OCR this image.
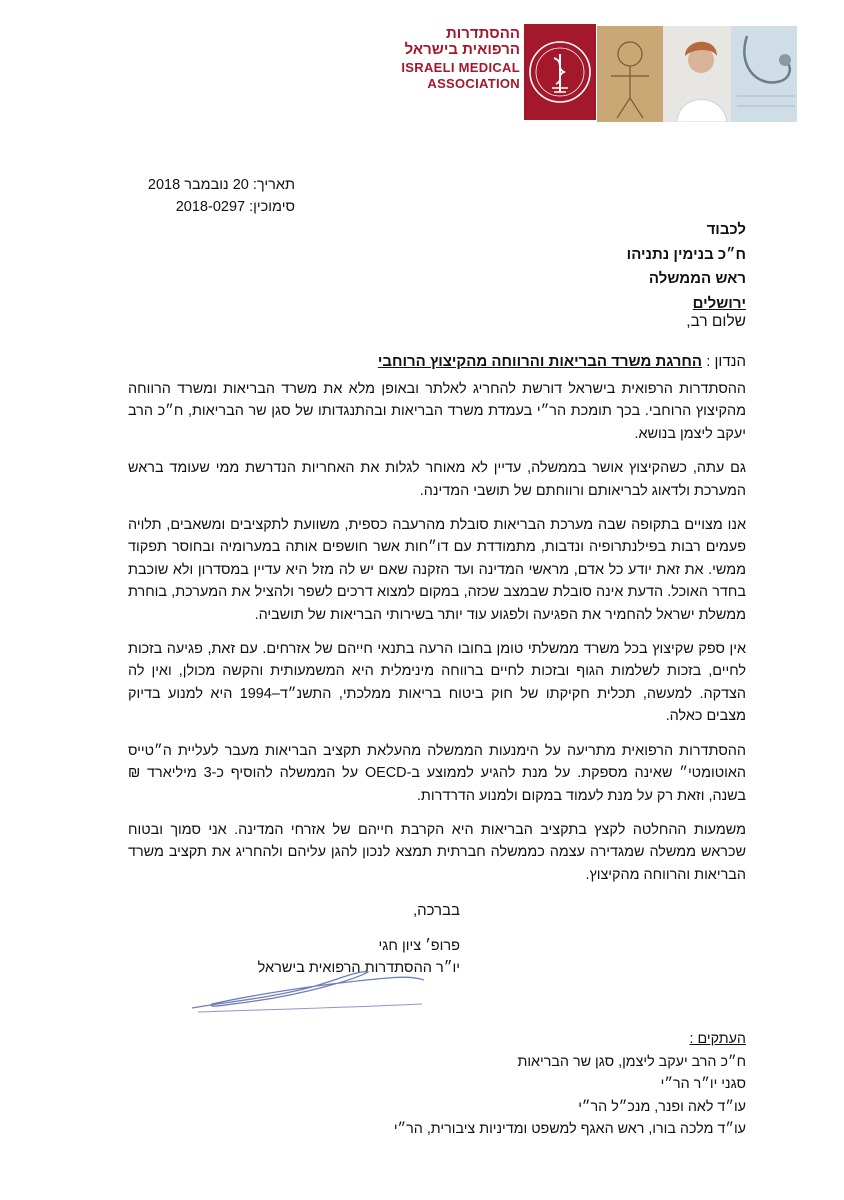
ההסתדרות הרפואית בישראל
ISRAELI MEDICAL
ASSOCIATION
תאריך: 20 נובמבר 2018
סימוכין: 2018-0297
לכבוד
ח״כ בנימין נתניהו
ראש הממשלה
ירושלים
שלום רב,
הנדון : החרגת משרד הבריאות והרווחה מהקיצוץ הרוחבי

ההסתדרות הרפואית בישראל דורשת להחריג לאלתר ובאופן מלא את משרד הבריאות ומשרד הרווחה מהקיצוץ הרוחבי. בכך תומכת הר״י בעמדת משרד הבריאות ובהתנגדותו של סגן שר הבריאות, ח״כ הרב יעקב ליצמן בנושא.

גם עתה, כשהקיצוץ אושר בממשלה, עדיין לא מאוחר לגלות את האחריות הנדרשת ממי שעומד בראש המערכת ולדאוג לבריאותם ורווחתם של תושבי המדינה.

אנו מצויים בתקופה שבה מערכת הבריאות סובלת מהרעבה כספית, משוועת לתקציבים ומשאבים, תלויה פעמים רבות בפילנתרופיה ונדבות, מתמודדת עם דו״חות אשר חושפים אותה במערומיה ובחוסר תפקוד ממשי. את זאת יודע כל אדם, מראשי המדינה ועד הזקנה שאם יש לה מזל היא עדיין במסדרון ולא שוכבת בחדר האוכל. הדעת אינה סובלת שבמצב שכזה, במקום למצוא דרכים לשפר ולהציל את המערכת, בוחרת ממשלת ישראל להחמיר את הפגיעה ולפגוע עוד יותר בשירותי הבריאות של תושביה.

אין ספק שקיצוץ בכל משרד ממשלתי טומן בחובו הרעה בתנאי חייהם של אזרחים. עם זאת, פגיעה בזכות לחיים, בזכות לשלמות הגוף ובזכות לחיים ברווחה מינימלית היא המשמעותית והקשה מכולן, ואין לה הצדקה. למעשה, תכלית חקיקתו של חוק ביטוח בריאות ממלכתי, התשנ״ד–1994 היא למנוע בדיוק מצבים כאלה.

ההסתדרות הרפואית מתריעה על הימנעות הממשלה מהעלאת תקציב הבריאות מעבר לעליית ה״טייס האוטומטי״ שאינה מספקת. על מנת להגיע לממוצע ב-OECD על הממשלה להוסיף כ-3 מיליארד ₪ בשנה, וזאת רק על מנת לעמוד במקום ולמנוע הדרדרות.

משמעות ההחלטה לקצץ בתקציב הבריאות היא הקרבת חייהם של אזרחי המדינה. אני סמוך ובטוח שכראש ממשלה שמגדירה עצמה כממשלה חברתית תמצא לנכון להגן עליהם ולהחריג את תקציב משרד הבריאות והרווחה מהקיצוץ.

בברכה,
פרופ׳ ציון חגי
יו״ר ההסתדרות הרפואית בישראל
העתקים :
ח״כ הרב יעקב ליצמן, סגן שר הבריאות
סגני יו״ר הר״י
עו״ד לאה ופנר, מנכ״ל הר״י
עו״ד מלכה בורו, ראש האגף למשפט ומדיניות ציבורית, הר״י
